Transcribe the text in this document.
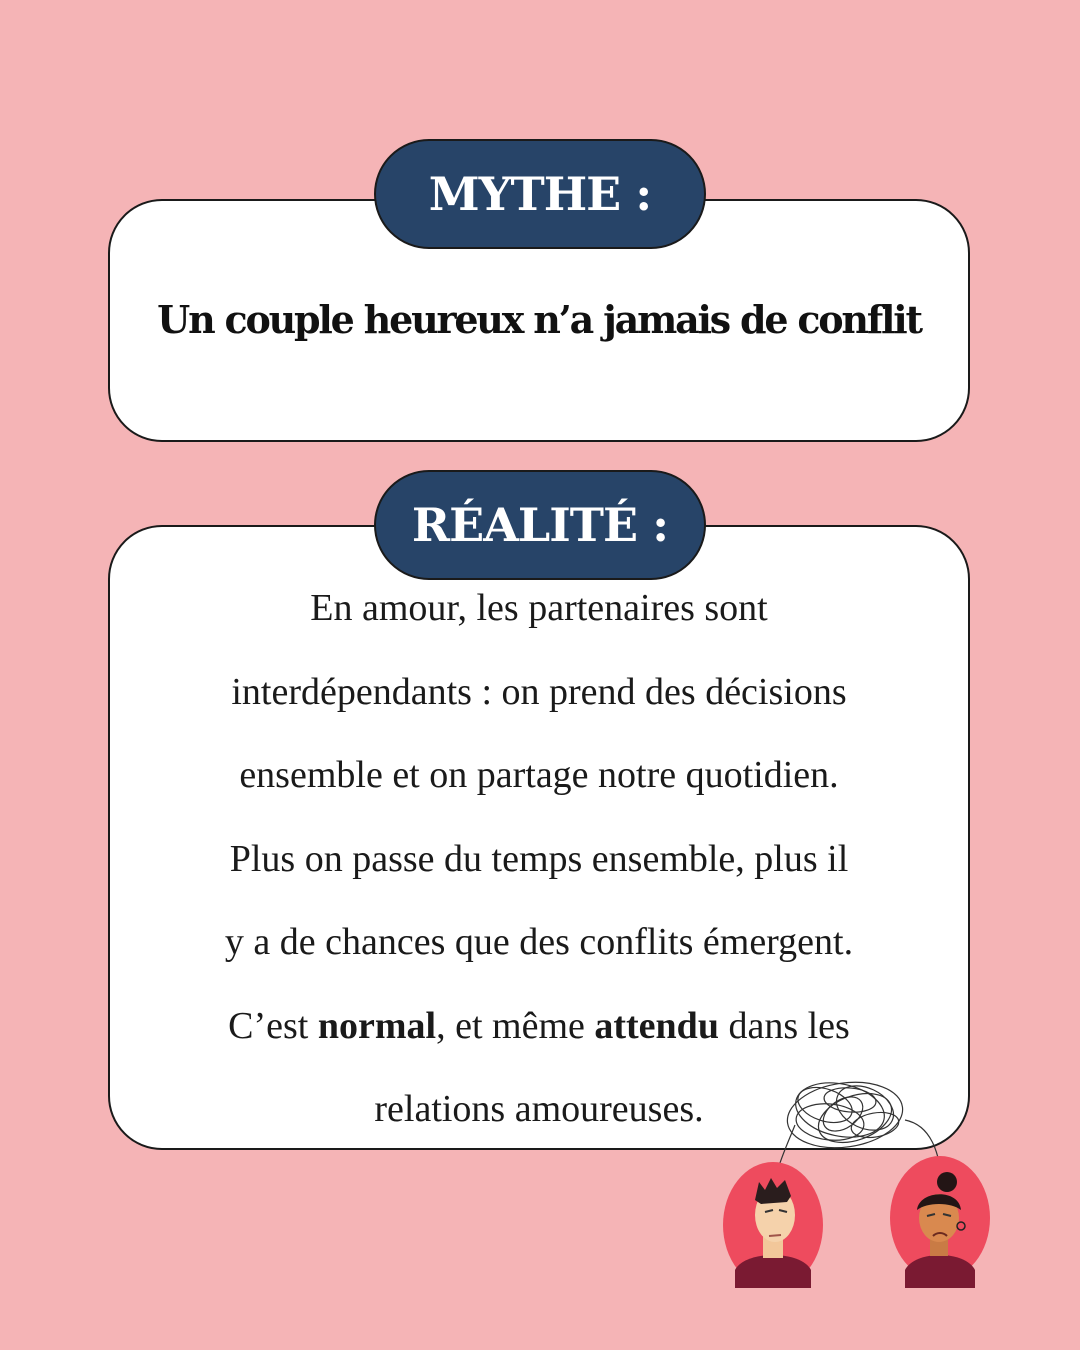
Un couple heureux n’a jamais de conflit
MYTHE :

En amour, les partenaires sont

interdépendants : on prend des décisions

ensemble et on partage notre quotidien.

Plus on passe du temps ensemble, plus il

y a de chances que des conflits émergent.

C’est normal, et même attendu dans les

relations amoureuses.

RÉALITÉ :
